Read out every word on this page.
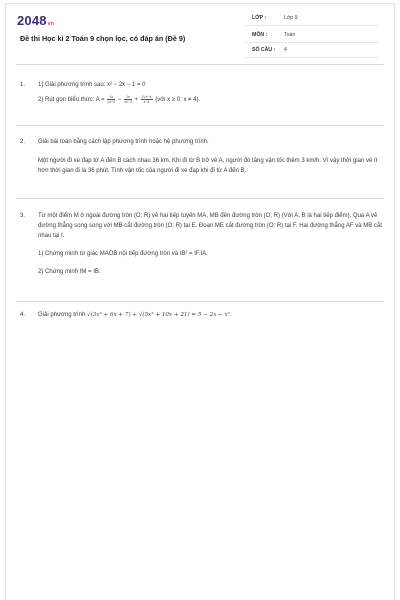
2048vn
Đề thi Học kì 2 Toán 9 chọn lọc, có đáp án (Đề 9)
LỚP :	Lớp 9
MÔN :	Toán
SỐ CÂU : 4
1. 1) Giải phương trình sau: x² − 2x − 1 = 0

2) Rút gọn biểu thức: $A = \frac{√x}{√x+2} - \frac{√x}{√x-2} + \frac{2√x-4}{x-4}$ (với x ≥ 0; x ≠ 4).

2. Giải bài toán bằng cách lập phương trình hoặc hệ phương trình.

Một người đi xe đạp từ A đến B cách nhau 36 km. Khi đi từ B trở về A, người đó tăng vận tốc thêm 3 km/h. Vì vậy thời gian về ít hơn thời gian đi là 36 phút. Tính vận tốc của người đi xe đạp khi đi từ A đến B.

3. Từ một điểm M ở ngoài đường tròn (O; R) vẽ hai tiếp tuyến MA, MB đến đường tròn (O; R) (Với A, B là hai tiếp điểm). Qua A vẽ đường thẳng song song với MB cắt đường tròn (O; R) tại E. Đoạn ME cắt đường tròn (O; R) tại F. Hai đường thẳng AF và MB cắt nhau tại I.

1) Chứng minh tứ giác MAOB nội tiếp đường tròn và IB² = IF.IA.

2) Chứng minh IM = IB.

4. Giải phương trình √(3x² + 6x + 7) + √(5x² + 10x + 21) = 5 − 2x − x².
